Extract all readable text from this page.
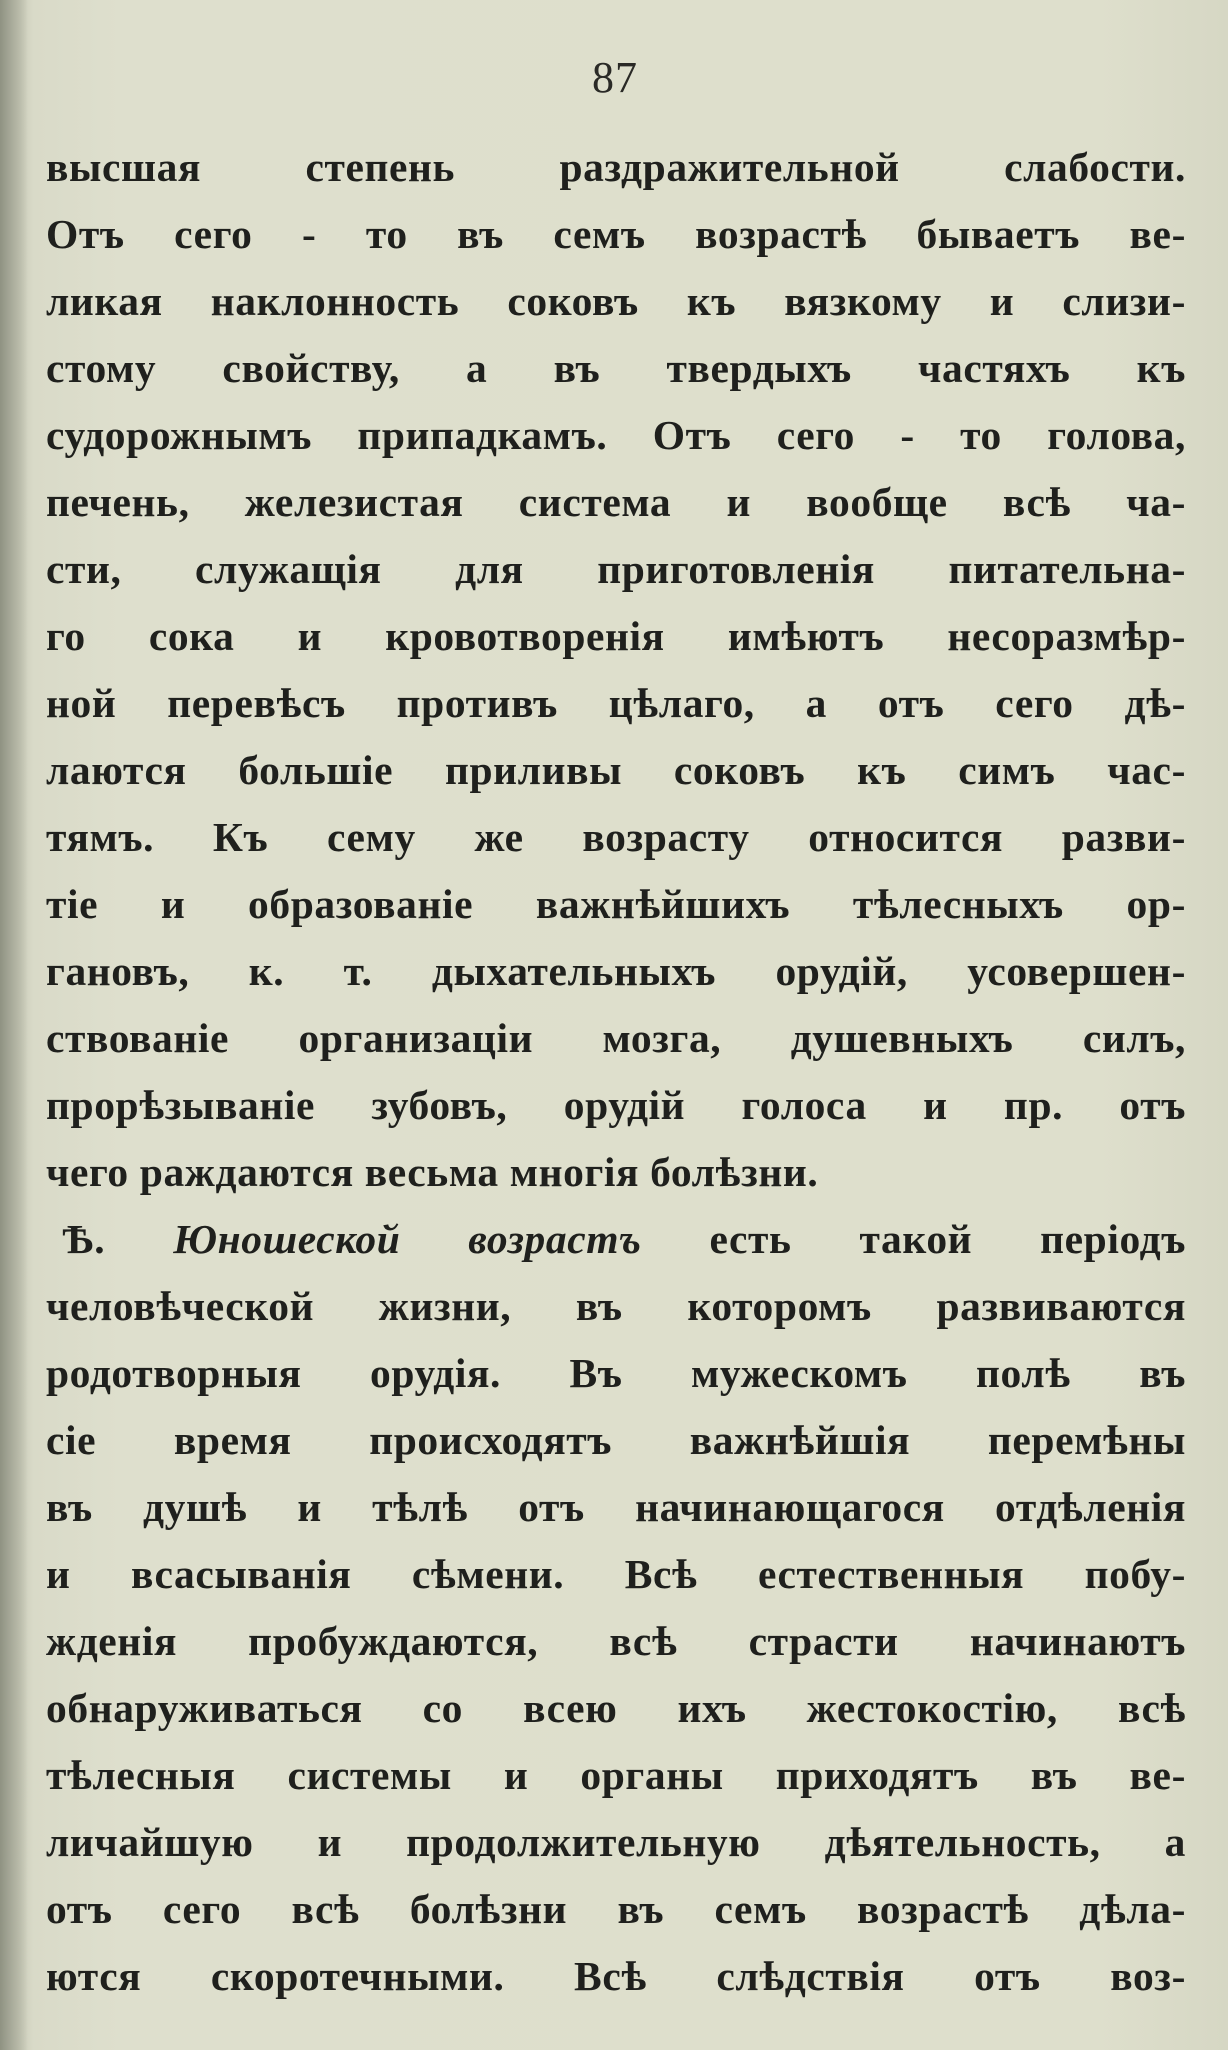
87
высшая степень раздражительной слабости.
Отъ сего - то въ семъ возрастѣ бываетъ ве-
ликая наклонность соковъ къ вязкому и слизи-
стому свойству, а въ твердыхъ частяхъ къ
судорожнымъ припадкамъ. Отъ сего - то голова,
печень, железистая система и вообще всѣ ча-
сти, служащія для приготовленія питательна-
го сока и кровотворенія имѣютъ несоразмѣр-
ной перевѣсъ противъ цѣлаго, а отъ сего дѣ-
лаются большіе приливы соковъ къ симъ час-
тямъ. Къ сему же возрасту относится разви-
тіе и образованіе важнѣйшихъ тѣлесныхъ ор-
гановъ, к. т. дыхательныхъ орудій, усовершен-
ствованіе организаціи мозга, душевныхъ силъ,
прорѣзываніе зубовъ, орудій голоса и пр. отъ
чего раждаются весьма многія болѣзни.
Ѣ. Юношеской возрастъ есть такой періодъ
человѣческой жизни, въ которомъ развиваются
родотворныя орудія. Въ мужескомъ полѣ въ
сіе время происходятъ важнѣйшія перемѣны
въ душѣ и тѣлѣ отъ начинающагося отдѣленія
и всасыванія сѣмени. Всѣ естественныя побу-
жденія пробуждаются, всѣ страсти начинаютъ
обнаруживаться со всею ихъ жестокостію, всѣ
тѣлесныя системы и органы приходятъ въ ве-
личайшую и продолжительную дѣятельность, а
отъ сего всѣ болѣзни въ семъ возрастѣ дѣла-
ются скоротечными. Всѣ слѣдствія отъ воз-
